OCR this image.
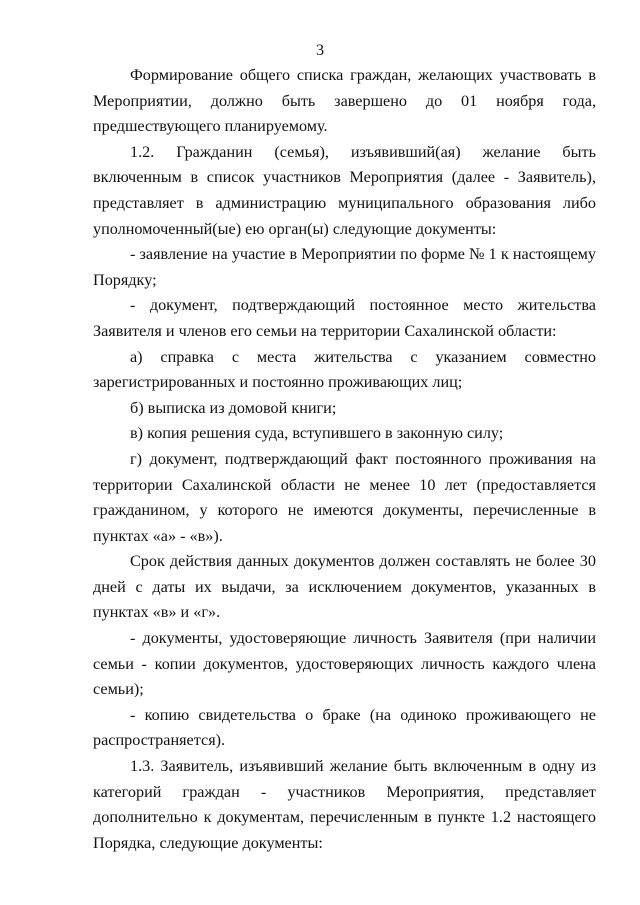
3

Формирование общего списка граждан, желающих участвовать в Мероприятии, должно быть завершено до 01 ноября года, предшествующего планируемому.

1.2. Гражданин (семья), изъявивший(ая) желание быть включенным в список участников Мероприятия (далее - Заявитель), представляет в администрацию муниципального образования либо уполномоченный(ые) ею орган(ы) следующие документы:

- заявление на участие в Мероприятии по форме № 1 к настоящему Порядку;

- документ, подтверждающий постоянное место жительства Заявителя и членов его семьи на территории Сахалинской области:

а) справка с места жительства с указанием совместно зарегистрированных и постоянно проживающих лиц;

б) выписка из домовой книги;

в) копия решения суда, вступившего в законную силу;

г) документ, подтверждающий факт постоянного проживания на территории Сахалинской области не менее 10 лет (предоставляется гражданином, у которого не имеются документы, перечисленные в пунктах «а» - «в»).

Срок действия данных документов должен составлять не более 30 дней с даты их выдачи, за исключением документов, указанных в пунктах «в» и «г».

- документы, удостоверяющие личность Заявителя (при наличии семьи - копии документов, удостоверяющих личность каждого члена семьи);

- копию свидетельства о браке (на одиноко проживающего не распространяется).

1.3. Заявитель, изъявивший желание быть включенным в одну из категорий граждан - участников Мероприятия, представляет дополнительно к документам, перечисленным в пункте 1.2 настоящего Порядка, следующие документы:
